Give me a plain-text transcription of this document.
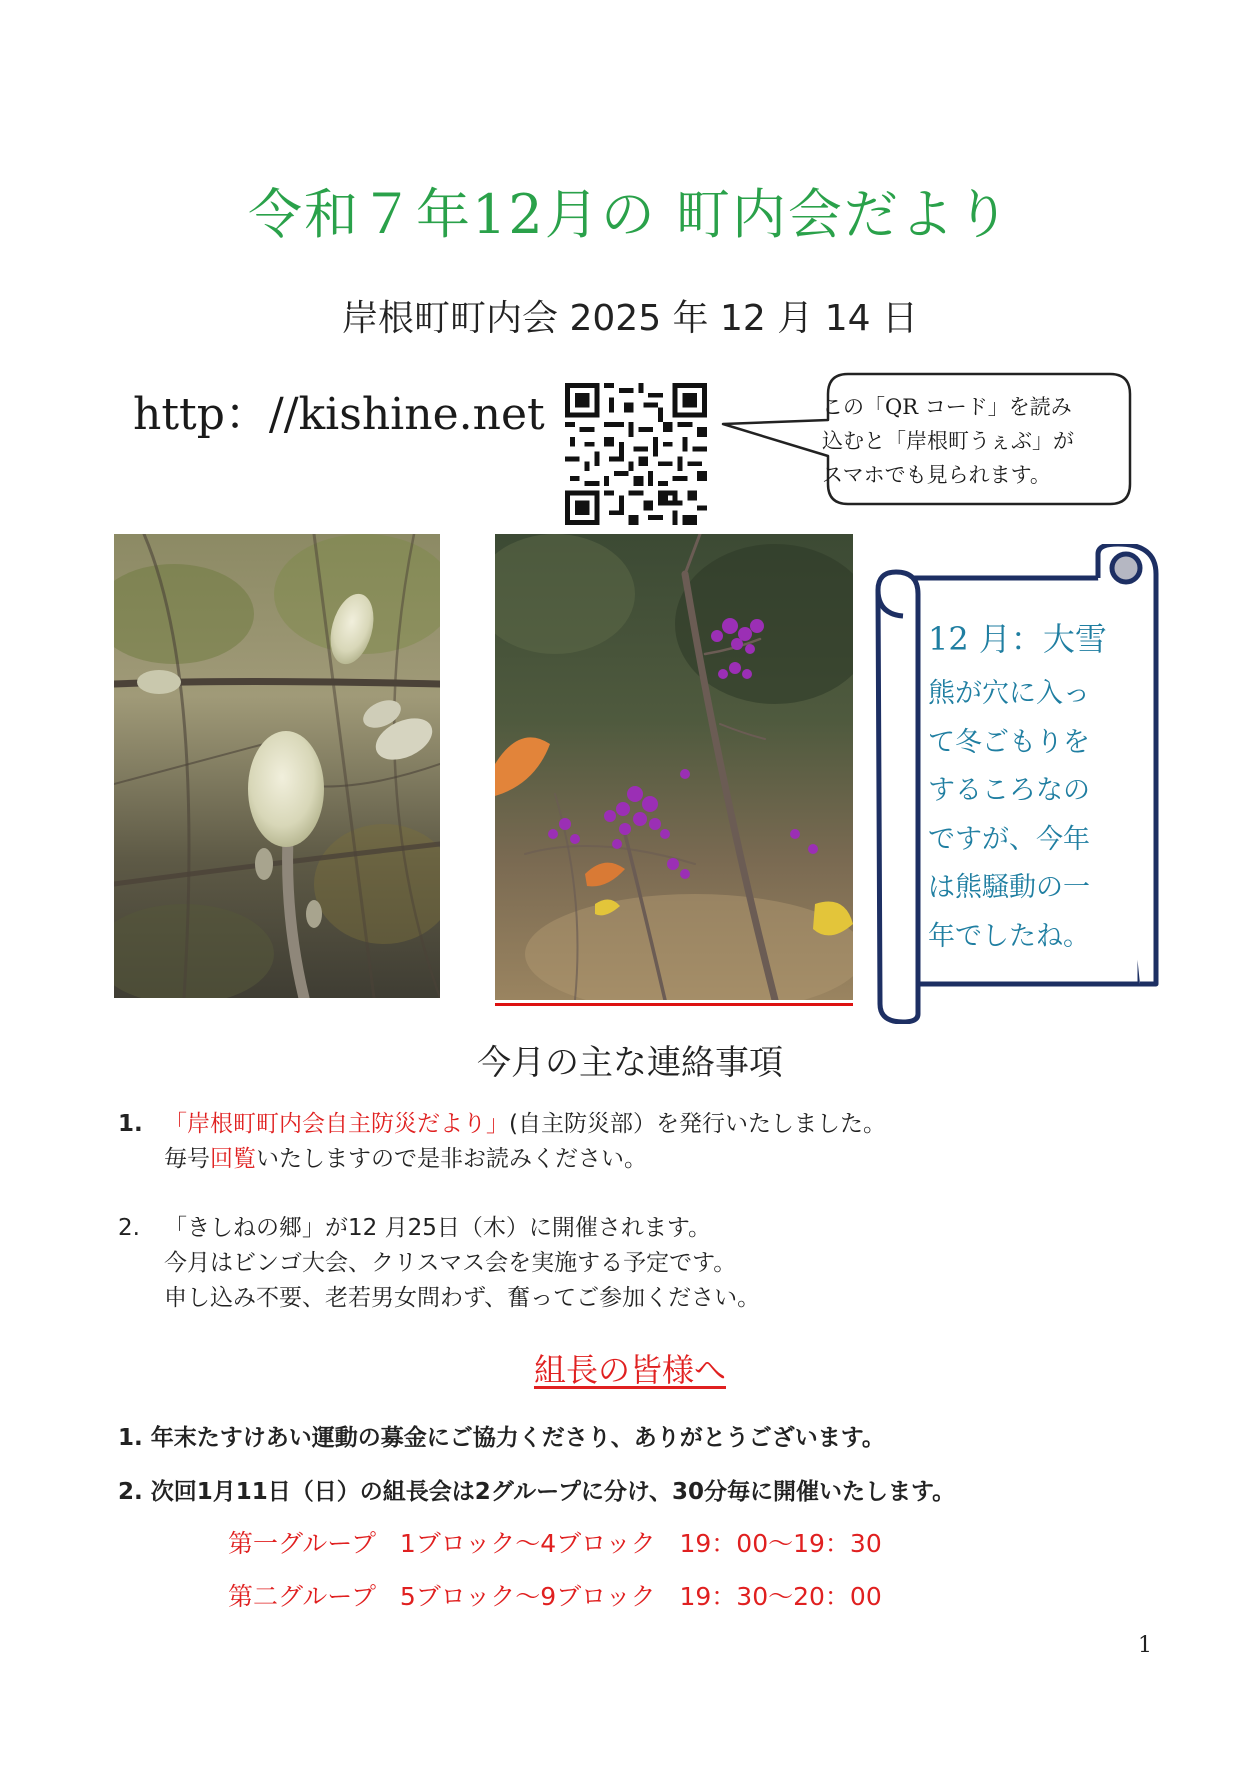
令和７年12月の 町内会だより
岸根町町内会 2025 年 12 月 14 日
http：//kishine.net	この「QR コード」を読み
込むと「岸根町うぇぶ」が
スマホでも見られます。
12 月：大雪
熊が穴に入っ
て冬ごもりを
するころなの
ですが、今年
は熊騒動の一
年でしたね。
今月の主な連絡事項
1. 「岸根町町内会自主防災だより」(自主防災部）を発行いたしました。
毎号回覧いたしますので是非お読みください。
2.	「きしねの郷」が12 月25日（木）に開催されます。
今月はビンゴ大会、クリスマス会を実施する予定です。
申し込み不要、老若男女問わず、奮ってご参加ください。
組長の皆様へ
1. 年末たすけあい運動の募金にご協力くださり、ありがとうございます。
2. 次回1月11日（日）の組長会は2グループに分け、30分毎に開催いたします。
第一グループ   1ブロック～4ブロック   19：00～19：30
第二グループ   5ブロック～9ブロック   19：30～20：00
1
